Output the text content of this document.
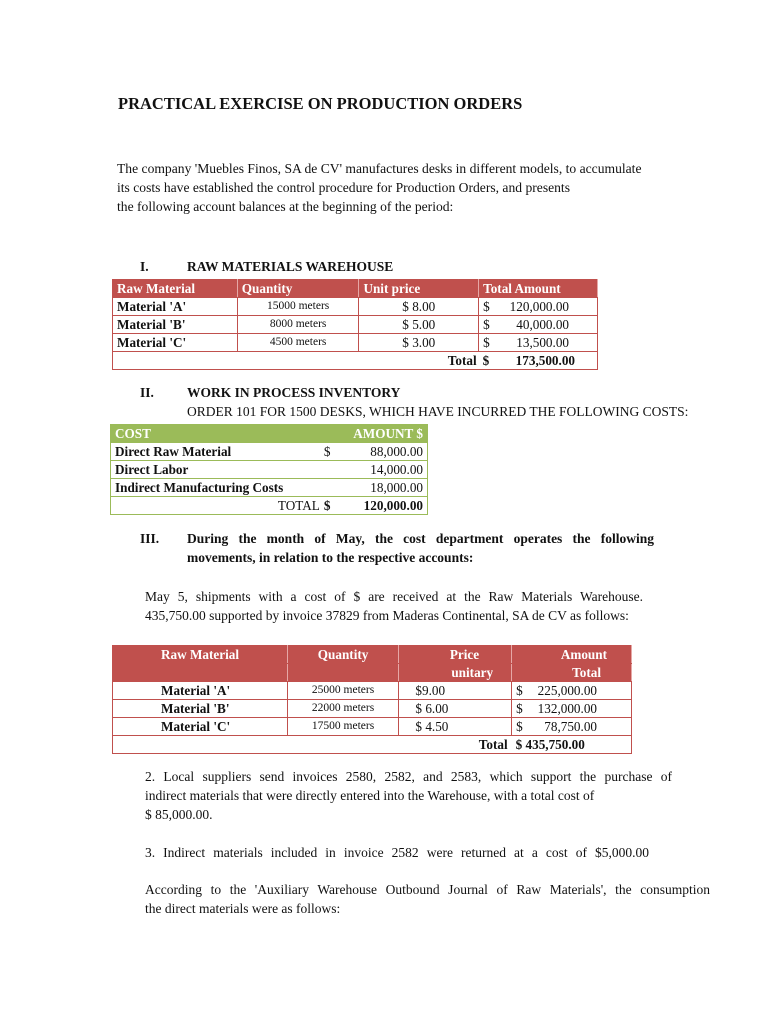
PRACTICAL EXERCISE ON PRODUCTION ORDERS
The company 'Muebles Finos, SA de CV' manufactures desks in different models, to accumulate
its costs have established the control procedure for Production Orders, and presents
the following account balances at the beginning of the period:
I.	RAW MATERIALS WAREHOUSE
Raw Material	Quantity	Unit price	Total Amount
Material 'A'	15000 meters	$ 8.00	$ 120,000.00

Material 'B'	8000 meters	$ 5.00	$ 40,000.00

Material 'C'	4500 meters	$ 3.00	$ 13,500.00

		Total	$ 173,500.00
II. WORK IN PROCESS INVENTORY
ORDER 101 FOR 1500 DESKS, WHICH HAVE INCURRED THE FOLLOWING COSTS:
COST	AMOUNT $
Direct Raw Material	$ 88,000.00

Direct Labor	14,000.00
Indirect Manufacturing Costs	18,000.00
TOTAL	$ 120,000.00
III. During the month of May, the cost department operates the following
movements, in relation to the respective accounts:
May 5, shipments with a cost of $ are received at the Raw Materials Warehouse.
435,750.00 supported by invoice 37829 from Maderas Continental, SA de CV as follows:
Raw Material	Quantity	Price	Amount
		unitary	Total
Material 'A'	25000 meters	$9.00	$ 225,000.00

Material 'B'	22000 meters	$ 6.00	$ 132,000.00

Material 'C'	17500 meters	$ 4.50	$ 78,750.00

		Total	$ 435,750.00
2. Local suppliers send invoices 2580, 2582, and 2583, which support the purchase of
indirect materials that were directly entered into the Warehouse, with a total cost of
$ 85,000.00.
3. Indirect materials included in invoice 2582 were returned at a cost of $5,000.00
According to the 'Auxiliary Warehouse Outbound Journal of Raw Materials', the consumption
the direct materials were as follows:
